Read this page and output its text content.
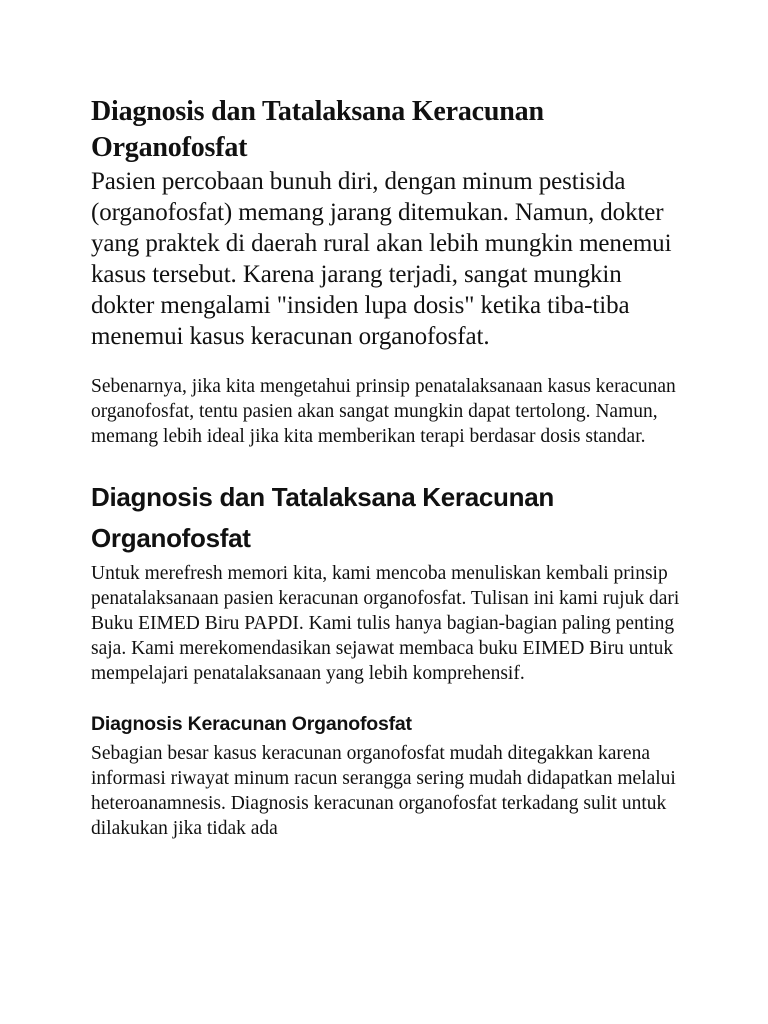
Diagnosis dan Tatalaksana Keracunan Organofosfat

Pasien percobaan bunuh diri, dengan minum pestisida (organofosfat) memang jarang ditemukan. Namun, dokter yang praktek di daerah rural akan lebih mungkin menemui kasus tersebut. Karena jarang terjadi, sangat mungkin dokter mengalami "insiden lupa dosis" ketika tiba-tiba menemui kasus keracunan organofosfat.

Sebenarnya, jika kita mengetahui prinsip penatalaksanaan kasus keracunan organofosfat, tentu pasien akan sangat mungkin dapat tertolong. Namun, memang lebih ideal jika kita memberikan terapi berdasar dosis standar.

Diagnosis dan Tatalaksana Keracunan Organofosfat

Untuk merefresh memori kita, kami mencoba menuliskan kembali prinsip penatalaksanaan pasien keracunan organofosfat. Tulisan ini kami rujuk dari Buku EIMED Biru PAPDI. Kami tulis hanya bagian-bagian paling penting saja. Kami merekomendasikan sejawat membaca buku EIMED Biru untuk mempelajari penatalaksanaan yang lebih komprehensif.

Diagnosis Keracunan Organofosfat

Sebagian besar kasus keracunan organofosfat mudah ditegakkan karena informasi riwayat minum racun serangga sering mudah didapatkan melalui heteroanamnesis. Diagnosis keracunan organofosfat terkadang sulit untuk dilakukan jika tidak ada
